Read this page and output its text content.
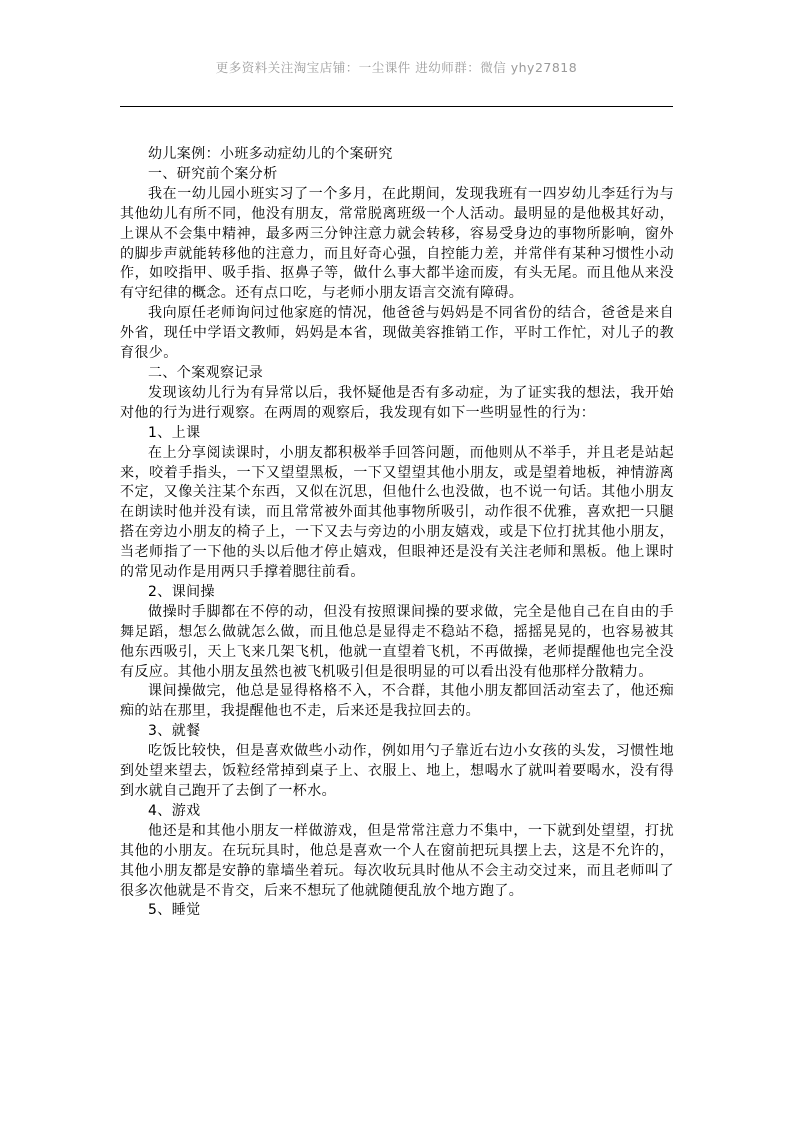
更多资料关注淘宝店铺：一尘课件 进幼师群：微信 yhy27818

幼儿案例：小班多动症幼儿的个案研究

一、研究前个案分析

我在一幼儿园小班实习了一个多月，在此期间，发现我班有一四岁幼儿李廷行为与其他幼儿有所不同，他没有朋友，常常脱离班级一个人活动。最明显的是他极其好动，上课从不会集中精神，最多两三分钟注意力就会转移，容易受身边的事物所影响，窗外的脚步声就能转移他的注意力，而且好奇心强，自控能力差，并常伴有某种习惯性小动作，如咬指甲、吸手指、抠鼻子等，做什么事大都半途而废，有头无尾。而且他从来没有守纪律的概念。还有点口吃，与老师小朋友语言交流有障碍。

我向原任老师询问过他家庭的情况，他爸爸与妈妈是不同省份的结合，爸爸是来自外省，现任中学语文教师，妈妈是本省，现做美容推销工作，平时工作忙，对儿子的教育很少。

二、个案观察记录

发现该幼儿行为有异常以后，我怀疑他是否有多动症，为了证实我的想法，我开始对他的行为进行观察。在两周的观察后，我发现有如下一些明显性的行为：

1、上课

在上分享阅读课时，小朋友都积极举手回答问题，而他则从不举手，并且老是站起来，咬着手指头，一下又望望黑板，一下又望望其他小朋友，或是望着地板，神情游离不定，又像关注某个东西，又似在沉思，但他什么也没做，也不说一句话。其他小朋友在朗读时他并没有读，而且常常被外面其他事物所吸引，动作很不优雅，喜欢把一只腿搭在旁边小朋友的椅子上，一下又去与旁边的小朋友嬉戏，或是下位打扰其他小朋友，当老师指了一下他的头以后他才停止嬉戏，但眼神还是没有关注老师和黑板。他上课时的常见动作是用两只手撑着腮往前看。

2、课间操

做操时手脚都在不停的动，但没有按照课间操的要求做，完全是他自己在自由的手舞足蹈，想怎么做就怎么做，而且他总是显得走不稳站不稳，摇摇晃晃的，也容易被其他东西吸引，天上飞来几架飞机，他就一直望着飞机，不再做操，老师提醒他也完全没有反应。其他小朋友虽然也被飞机吸引但是很明显的可以看出没有他那样分散精力。

课间操做完，他总是显得格格不入，不合群，其他小朋友都回活动室去了，他还痴痴的站在那里，我提醒他也不走，后来还是我拉回去的。

3、就餐

吃饭比较快，但是喜欢做些小动作，例如用勺子靠近右边小女孩的头发，习惯性地到处望来望去，饭粒经常掉到桌子上、衣服上、地上，想喝水了就叫着要喝水，没有得到水就自己跑开了去倒了一杯水。

4、游戏

他还是和其他小朋友一样做游戏，但是常常注意力不集中，一下就到处望望，打扰其他的小朋友。在玩玩具时，他总是喜欢一个人在窗前把玩具摆上去，这是不允许的，其他小朋友都是安静的靠墙坐着玩。每次收玩具时他从不会主动交过来，而且老师叫了很多次他就是不肯交，后来不想玩了他就随便乱放个地方跑了。

5、睡觉
